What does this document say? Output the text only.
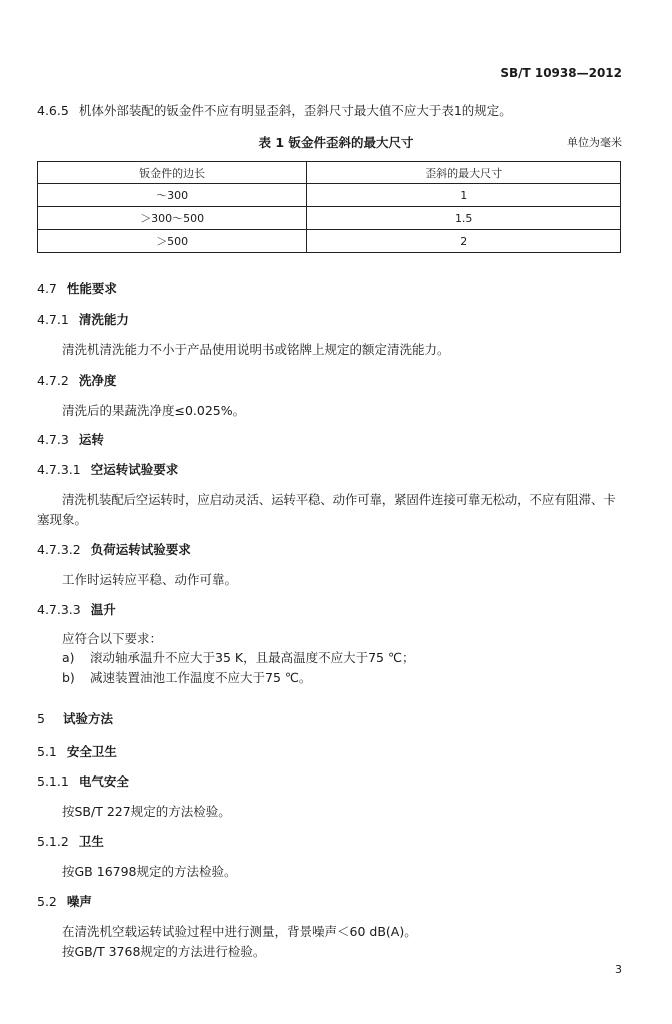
SB/T 10938—2012
4.6.5 机体外部装配的钣金件不应有明显歪斜，歪斜尺寸最大值不应大于表1的规定。
表 1 钣金件歪斜的最大尺寸	单位为毫米
钣金件的边长	歪斜的最大尺寸
～300	1
＞300～500	1.5
＞500	2
4.7 性能要求
4.7.1 清洗能力
清洗机清洗能力不小于产品使用说明书或铭牌上规定的额定清洗能力。
4.7.2 洗净度
清洗后的果蔬洗净度≤0.025%。
4.7.3 运转
4.7.3.1 空运转试验要求
清洗机装配后空运转时，应启动灵活、运转平稳、动作可靠，紧固件连接可靠无松动，不应有阻滞、卡
塞现象。
4.7.3.2 负荷运转试验要求
工作时运转应平稳、动作可靠。
4.7.3.3 温升
应符合以下要求：
a) 滚动轴承温升不应大于35 K，且最高温度不应大于75 ℃；
b) 减速装置油池工作温度不应大于75 ℃。
5 试验方法
5.1 安全卫生
5.1.1 电气安全
按SB/T 227规定的方法检验。
5.1.2 卫生
按GB 16798规定的方法检验。
5.2 噪声
在清洗机空载运转试验过程中进行测量，背景噪声＜60 dB(A)。
按GB/T 3768规定的方法进行检验。
3
